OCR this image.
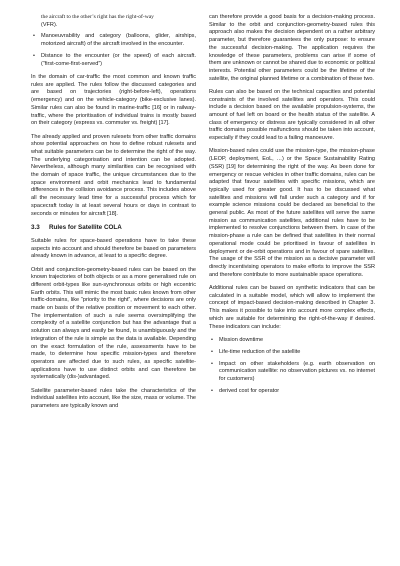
the aircraft to the other’s right has the right-of-way
(VFR).

• Manoeuvrability and category (balloons, glider, airships, motorized aircraft) of the aircraft involved in the encounter.
• Distance to the encounter (or the speed) of each aircraft. (“first-come-first-served”)

In the domain of car-traffic the most common and known traffic rules are applied. The rules follow the discussed categories and are based on trajectories (right-before-left), operations (emergency) and on the vehicle-category (bike-exclusive lanes). Similar rules can also be found in marine-traffic [16] or in railway-traffic, where the prioritisation of individual trains is mostly based on their category (express vs. commuter vs. freight) [17].

The already applied and proven rulesets from other traffic domains show potential approaches on how to define robust rulesets and what suitable parameters can be to determine the right of the way. The underlying categorisation and intention can be adopted. Nevertheless, although many similarities can be recognised with the domain of space traffic, the unique circumstances due to the space environment and orbit mechanics lead to fundamental differences in the collision avoidance process. This includes above all the necessary lead time for a successful process which for spacecraft today is at least several hours or days in contrast to seconds or minutes for aircraft [18].

3.3 Rules for Satellite COLA

Suitable rules for space-based operations have to take these aspects into account and should therefore be based on parameters already known in advance, at least to a specific degree.

Orbit and conjunction-geometry-based rules can be based on the known trajectories of both objects or as a more generalised rule on different orbit-types like sun-synchronous orbits or high eccentric Earth orbits. This will mimic the most basic rules known from other traffic-domains, like “priority to the right”, where decisions are only made on basis of the relative position or movement to each other. The implementation of such a rule seems oversimplifying the complexity of a satellite conjunction but has the advantage that a solution can always and easily be found, is unambiguously and the integration of the rule is simple as the data is available. Depending on the exact formulation of the rule, assessments have to be made, to determine how specific mission-types and therefore operators are affected due to such rules, as specific satellite-applications have to use distinct orbits and can therefore be systematically (dis-)advantaged.

Satellite parameter-based rules take the characteristics of the individual satellites into account, like the size, mass or volume. The parameters are typically known and

can therefore provide a good basis for a decision-making process. Similar to the orbit and conjunction-geometry-based rules this approach also makes the decision dependent on a rather arbitrary parameter, but therefore guarantees the only purpose: to ensure the successful decision-making. The application requires the knowledge of these parameters, problems can arise if some of them are unknown or cannot be shared due to economic or political interests. Potential other parameters could be the lifetime of the satellite, the original planned lifetime or a combination of these two.

Rules can also be based on the technical capacities and potential constraints of the involved satellites and operators. This could include a decision based on the available propulsion-systems, the amount of fuel left on board or the health status of the satellite. A class of emergency or distress are typically considered in all other traffic domains possible malfunctions should be taken into account, especially if they could lead to a failing manoeuvre.

Mission-based rules could use the mission-type, the mission-phase (LEOP, deployment, EoL, …) or the Space Sustainability Rating (SSR) [19] for determining the right of the way. As been done for emergency or rescue vehicles in other traffic domains, rules can be adapted that favour satellites with specific missions, which are typically used for greater good. It has to be discussed what satellites and missions will fall under such a category and if for example science missions could be declared as beneficial to the general public. As most of the future satellites will serve the same mission as communication satellites, additional rules have to be implemented to resolve conjunctions between them. In case of the mission-phase a rule can be defined that satellites in their normal operational mode could be prioritised in favour of satellites in deployment or de-orbit operations and in favour of spare satellites. The usage of the SSR of the mission as a decisive parameter will directly incentivising operators to make efforts to improve the SSR and therefore contribute to more sustainable space operations.

Additional rules can be based on synthetic indicators that can be calculated in a suitable model, which will allow to implement the concept of impact-based decision-making described in Chapter 3. This makes it possible to take into account more complex effects, which are suitable for determining the right-of-the-way if desired. These indicators can include:

• Mission downtime
• Life-time reduction of the satellite
• Impact on other stakeholders (e.g. earth observation on communication satellite: no observation pictures vs. no internet for customers)
• derived cost for operator
